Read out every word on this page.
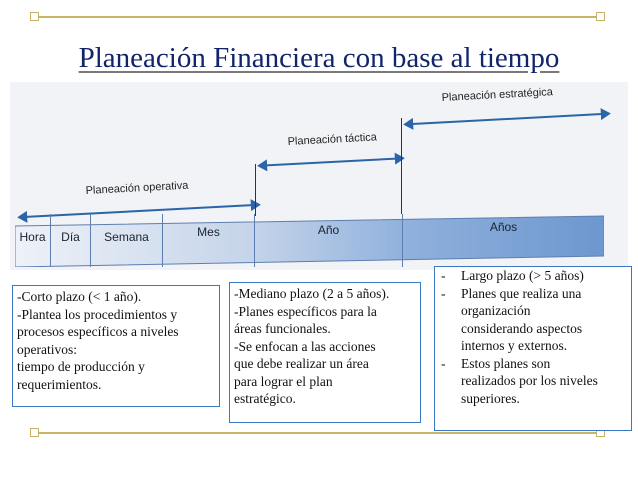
Planeación Financiera con base al tiempo
Planeación operativa
Planeación táctica
Planeación estratégica
Hora	Día	Semana	Mes	Año	Años

-Corto plazo (< 1 año).

-Plantea los procedimientos y

procesos específicos a niveles

operativos:

tiempo de producción y

requerimientos.

-Mediano plazo (2 a 5 años).

-Planes específicos para la

áreas funcionales.

-Se enfocan a las acciones

que debe realizar un área

para lograr el plan

estratégico.

- Largo plazo (> 5 años)
- Planes que realiza una
organización
considerando aspectos
internos y externos.
- Estos planes son
realizados por los niveles
superiores.
